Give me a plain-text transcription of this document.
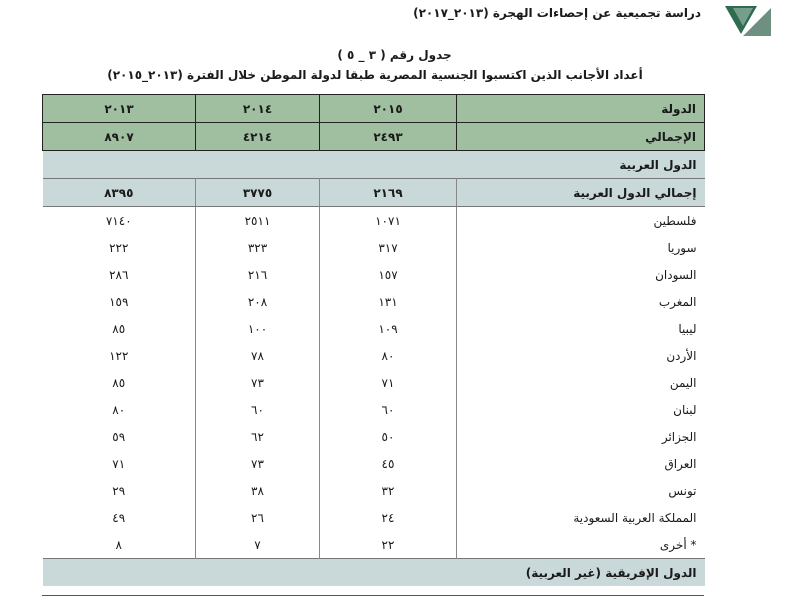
دراسة تجميعية عن إحصاءات الهجرة (٢٠١٣_٢٠١٧)
جدول رقم ( ٣ _ ٥ )
أعداد الأجانب الذين اكتسبوا الجنسية المصرية طبقا لدولة الموطن خلال الفترة (٢٠١٣_٢٠١٥)
٢٠١٣	٢٠١٤	٢٠١٥	الدولة
٨٩٠٧	٤٢١٤	٢٤٩٣	الإجمالي
الدول العربية			
٨٣٩٥	٣٧٧٥	٢١٦٩	إجمالي الدول العربية
٧١٤٠	٢٥١١	١٠٧١	فلسطين
٢٢٢	٣٢٣	٣١٧	سوريا
٢٨٦	٢١٦	١٥٧	السودان
١٥٩	٢٠٨	١٣١	المغرب
٨٥	١٠٠	١٠٩	ليبيا
١٢٢	٧٨	٨٠	الأردن
٨٥	٧٣	٧١	اليمن
٨٠	٦٠	٦٠	لبنان
٥٩	٦٢	٥٠	الجزائر
٧١	٧٣	٤٥	العراق
٢٩	٣٨	٣٢	تونس
٤٩	٢٦	٢٤	المملكة العربية السعودية
٨	٧	٢٢	* أخرى
الدول الإفريقية (غير العربية)			
